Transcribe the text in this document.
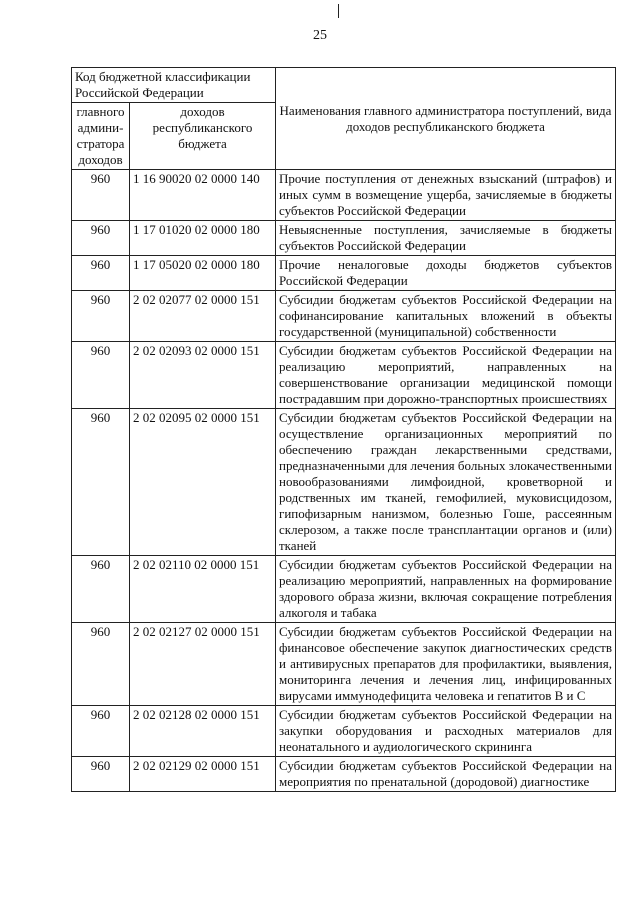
25
Код бюджетной классификации Российской Федерации		Наименования главного администратора поступлений, вида доходов республиканского бюджета
главного админи-стратора доходов	доходов республиканского бюджета	
960	1 16 90020 02 0000 140	Прочие поступления от денежных взысканий (штрафов) и иных сумм в возмещение ущерба, зачисляемые в бюджеты субъектов Российской Федерации
960	1 17 01020 02 0000 180	Невыясненные поступления, зачисляемые в бюджеты субъектов Российской Федерации
960	1 17 05020 02 0000 180	Прочие неналоговые доходы бюджетов субъектов Российской Федерации
960	2 02 02077 02 0000 151	Субсидии бюджетам субъектов Российской Федерации на софинансирование капитальных вложений в объекты государственной (муниципальной) собственности
960	2 02 02093 02 0000 151	Субсидии бюджетам субъектов Российской Федерации на реализацию мероприятий, направленных на совершенствование организации медицинской помощи пострадавшим при дорожно-транспортных происшествиях
960	2 02 02095 02 0000 151	Субсидии бюджетам субъектов Российской Федерации на осуществление организационных мероприятий по обеспечению граждан лекарственными средствами, предназначенными для лечения больных злокачественными новообразованиями лимфоидной, кроветворной и родственных им тканей, гемофилией, муковисцидозом, гипофизарным нанизмом, болезнью Гоше, рассеянным склерозом, а также после трансплантации органов и (или) тканей
960	2 02 02110 02 0000 151	Субсидии бюджетам субъектов Российской Федерации на реализацию мероприятий, направленных на формирование здорового образа жизни, включая сокращение потребления алкоголя и табака
960	2 02 02127 02 0000 151	Субсидии бюджетам субъектов Российской Федерации на финансовое обеспечение закупок диагностических средств и антивирусных препаратов для профилактики, выявления, мониторинга лечения и лечения лиц, инфицированных вирусами иммунодефицита человека и гепатитов B и C
960	2 02 02128 02 0000 151	Субсидии бюджетам субъектов Российской Федерации на закупки оборудования и расходных материалов для неонатального и аудиологического скрининга
960	2 02 02129 02 0000 151	Субсидии бюджетам субъектов Российской Федерации на мероприятия по пренатальной (дородовой) диагностике
